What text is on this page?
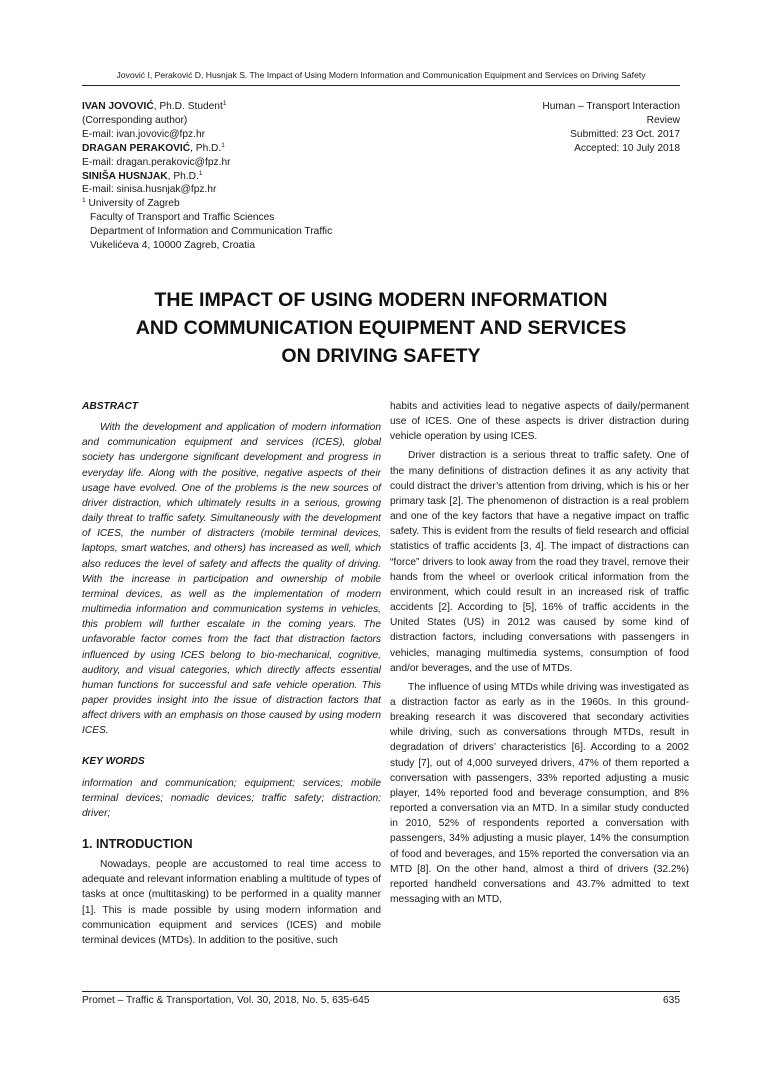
Jovović I, Peraković D, Husnjak S. The Impact of Using Modern Information and Communication Equipment and Services on Driving Safety
IVAN JOVOVIĆ, Ph.D. Student$^1$
(Corresponding author)
E-mail: ivan.jovovic@fpz.hr
DRAGAN PERAKOVIĆ, Ph.D.$^1$
E-mail: dragan.perakovic@fpz.hr
SINIŠA HUSNJAK, Ph.D.$^1$
E-mail: sinisa.husnjak@fpz.hr
$^1$ University of Zagreb
Faculty of Transport and Traffic Sciences
Department of Information and Communication Traffic
Vukelićeva 4, 10000 Zagreb, Croatia
Human – Transport Interaction
Review
Submitted: 23 Oct. 2017
Accepted: 10 July 2018
THE IMPACT OF USING MODERN INFORMATION
AND COMMUNICATION EQUIPMENT AND SERVICES
ON DRIVING SAFETY

ABSTRACT

With the development and application of modern information and communication equipment and services (ICES), global society has undergone significant development and progress in everyday life. Along with the positive, negative aspects of their usage have evolved. One of the problems is the new sources of driver distraction, which ultimately results in a serious, growing daily threat to traffic safety. Simultaneously with the development of ICES, the number of distracters (mobile terminal devices, laptops, smart watches, and others) has increased as well, which also reduces the level of safety and affects the quality of driving. With the increase in participation and ownership of mobile terminal devices, as well as the implementation of modern multimedia information and communication systems in vehicles, this problem will further escalate in the coming years. The unfavorable factor comes from the fact that distraction factors influenced by using ICES belong to bio-mechanical, cognitive, auditory, and visual categories, which directly affects essential human functions for successful and safe vehicle operation. This paper provides insight into the issue of distraction factors that affect drivers with an emphasis on those caused by using modern ICES.

KEY WORDS

information and communication; equipment; services; mobile terminal devices; nomadic devices; traffic safety; distraction; driver;

1. INTRODUCTION

Nowadays, people are accustomed to real time access to adequate and relevant information enabling a multitude of types of tasks at once (multitasking) to be performed in a quality manner [1]. This is made possible by using modern information and communication equipment and services (ICES) and mobile terminal devices (MTDs). In addition to the positive, such

habits and activities lead to negative aspects of daily/permanent use of ICES. One of these aspects is driver distraction during vehicle operation by using ICES.

Driver distraction is a serious threat to traffic safety. One of the many definitions of distraction defines it as any activity that could distract the driver’s attention from driving, which is his or her primary task [2]. The phenomenon of distraction is a real problem and one of the key factors that have a negative impact on traffic safety. This is evident from the results of field research and official statistics of traffic accidents [3, 4]. The impact of distractions can “force” drivers to look away from the road they travel, remove their hands from the wheel or overlook critical information from the environment, which could result in an increased risk of traffic accidents [2]. According to [5], 16% of traffic accidents in the United States (US) in 2012 was caused by some kind of distraction factors, including conversations with passengers in vehicles, managing multimedia systems, consumption of food and/or beverages, and the use of MTDs.

The influence of using MTDs while driving was investigated as a distraction factor as early as in the 1960s. In this ground-breaking research it was discovered that secondary activities while driving, such as conversations through MTDs, result in degradation of drivers’ characteristics [6]. According to a 2002 study [7], out of 4,000 surveyed drivers, 47% of them reported a conversation with passengers, 33% reported adjusting a music player, 14% reported food and beverage consumption, and 8% reported a conversation via an MTD. In a similar study conducted in 2010, 52% of respondents reported a conversation with passengers, 34% adjusting a music player, 14% the consumption of food and beverages, and 15% reported the conversation via an MTD [8]. On the other hand, almost a third of drivers (32.2%) reported handheld conversations and 43.7% admitted to text messaging with an MTD,

Promet – Traffic & Transportation, Vol. 30, 2018, No. 5, 635-645	635
